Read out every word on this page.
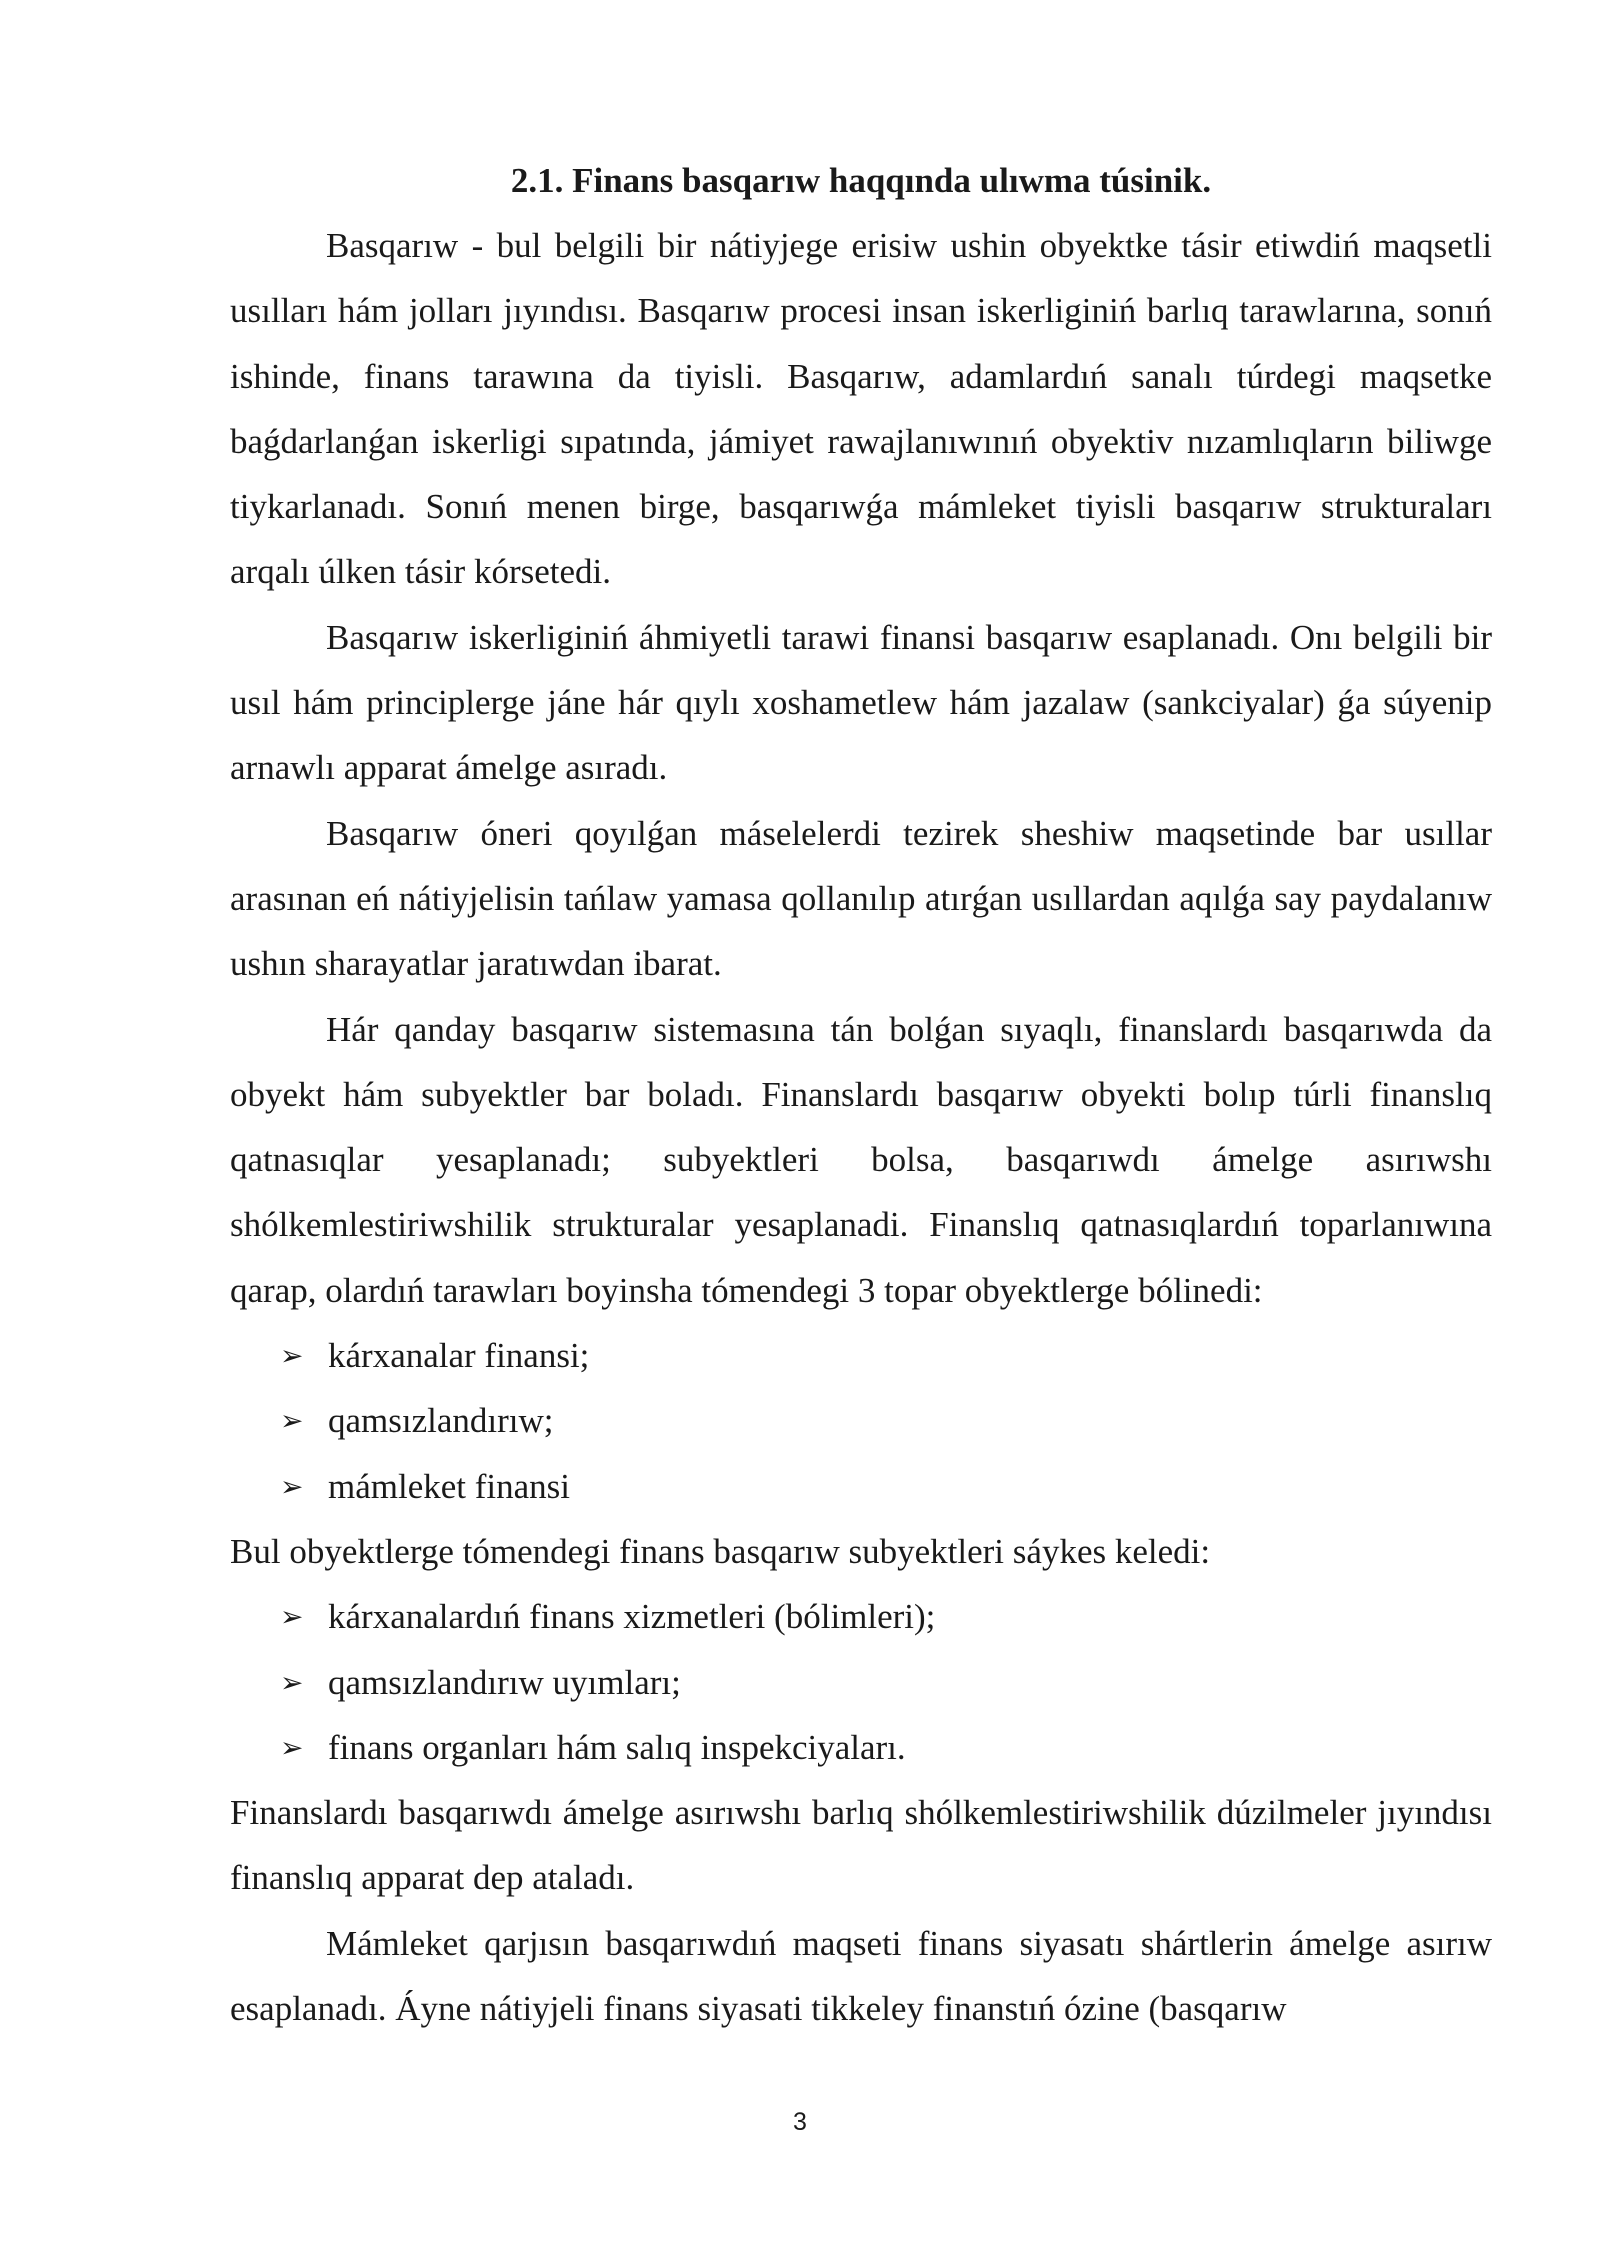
2.1. Finans basqarıw haqqında ulıwma túsinik.

Basqarıw - bul belgili bir nátiyjege erisiw ushin obyektke tásir etiwdiń maqsetli usılları hám jolları jıyındısı. Basqarıw procesi insan iskerliginiń barlıq tarawlarına, sonıń ishinde, finans tarawına da tiyisli. Basqarıw, adamlardıń sanalı túrdegi maqsetke baǵdarlanǵan iskerligi sıpatında, jámiyet rawajlanıwınıń obyektiv nızamlıqların biliwge tiykarlanadı. Sonıń menen birge, basqarıwǵa mámleket tiyisli basqarıw strukturaları arqalı úlken tásir kórsetedi.

Basqarıw iskerliginiń áhmiyetli tarawi finansi basqarıw esaplanadı. Onı belgili bir usıl hám principlerge jáne hár qıylı xoshametlew hám jazalaw (sankciyalar) ǵa súyenip arnawlı apparat ámelge asıradı.

Basqarıw óneri qoyılǵan máselelerdi tezirek sheshiw maqsetinde bar usıllar arasınan eń nátiyjelisin tańlaw yamasa qollanılıp atırǵan usıllardan aqılǵa say paydalanıw ushın sharayatlar jaratıwdan ibarat.

Hár qanday basqarıw sistemasına tán bolǵan sıyaqlı, finanslardı basqarıwda da obyekt hám subyektler bar boladı. Finanslardı basqarıw obyekti bolıp túrli finanslıq qatnasıqlar yesaplanadı; subyektleri bolsa, basqarıwdı ámelge asırıwshı shólkemlestiriwshilik strukturalar yesaplanadi. Finanslıq qatnasıqlardıń toparlanıwına qarap, olardıń tarawları boyinsha tómendegi 3 topar obyektlerge bólinedi:

➢ kárxanalar finansi;
➢ qamsızlandırıw;
➢ mámleket finansi

Bul obyektlerge tómendegi finans basqarıw subyektleri sáykes keledi:

➢ kárxanalardıń finans xizmetleri (bólimleri);
➢ qamsızlandırıw uyımları;
➢ finans organları hám salıq inspekciyaları.

Finanslardı basqarıwdı ámelge asırıwshı barlıq shólkemlestiriwshilik dúzilmeler jıyındısı finanslıq apparat dep ataladı.

Mámleket qarjısın basqarıwdıń maqseti finans siyasatı shártlerin ámelge asırıw esaplanadı. Áyne nátiyjeli finans siyasati tikkeley finanstıń ózine (basqarıw

3
